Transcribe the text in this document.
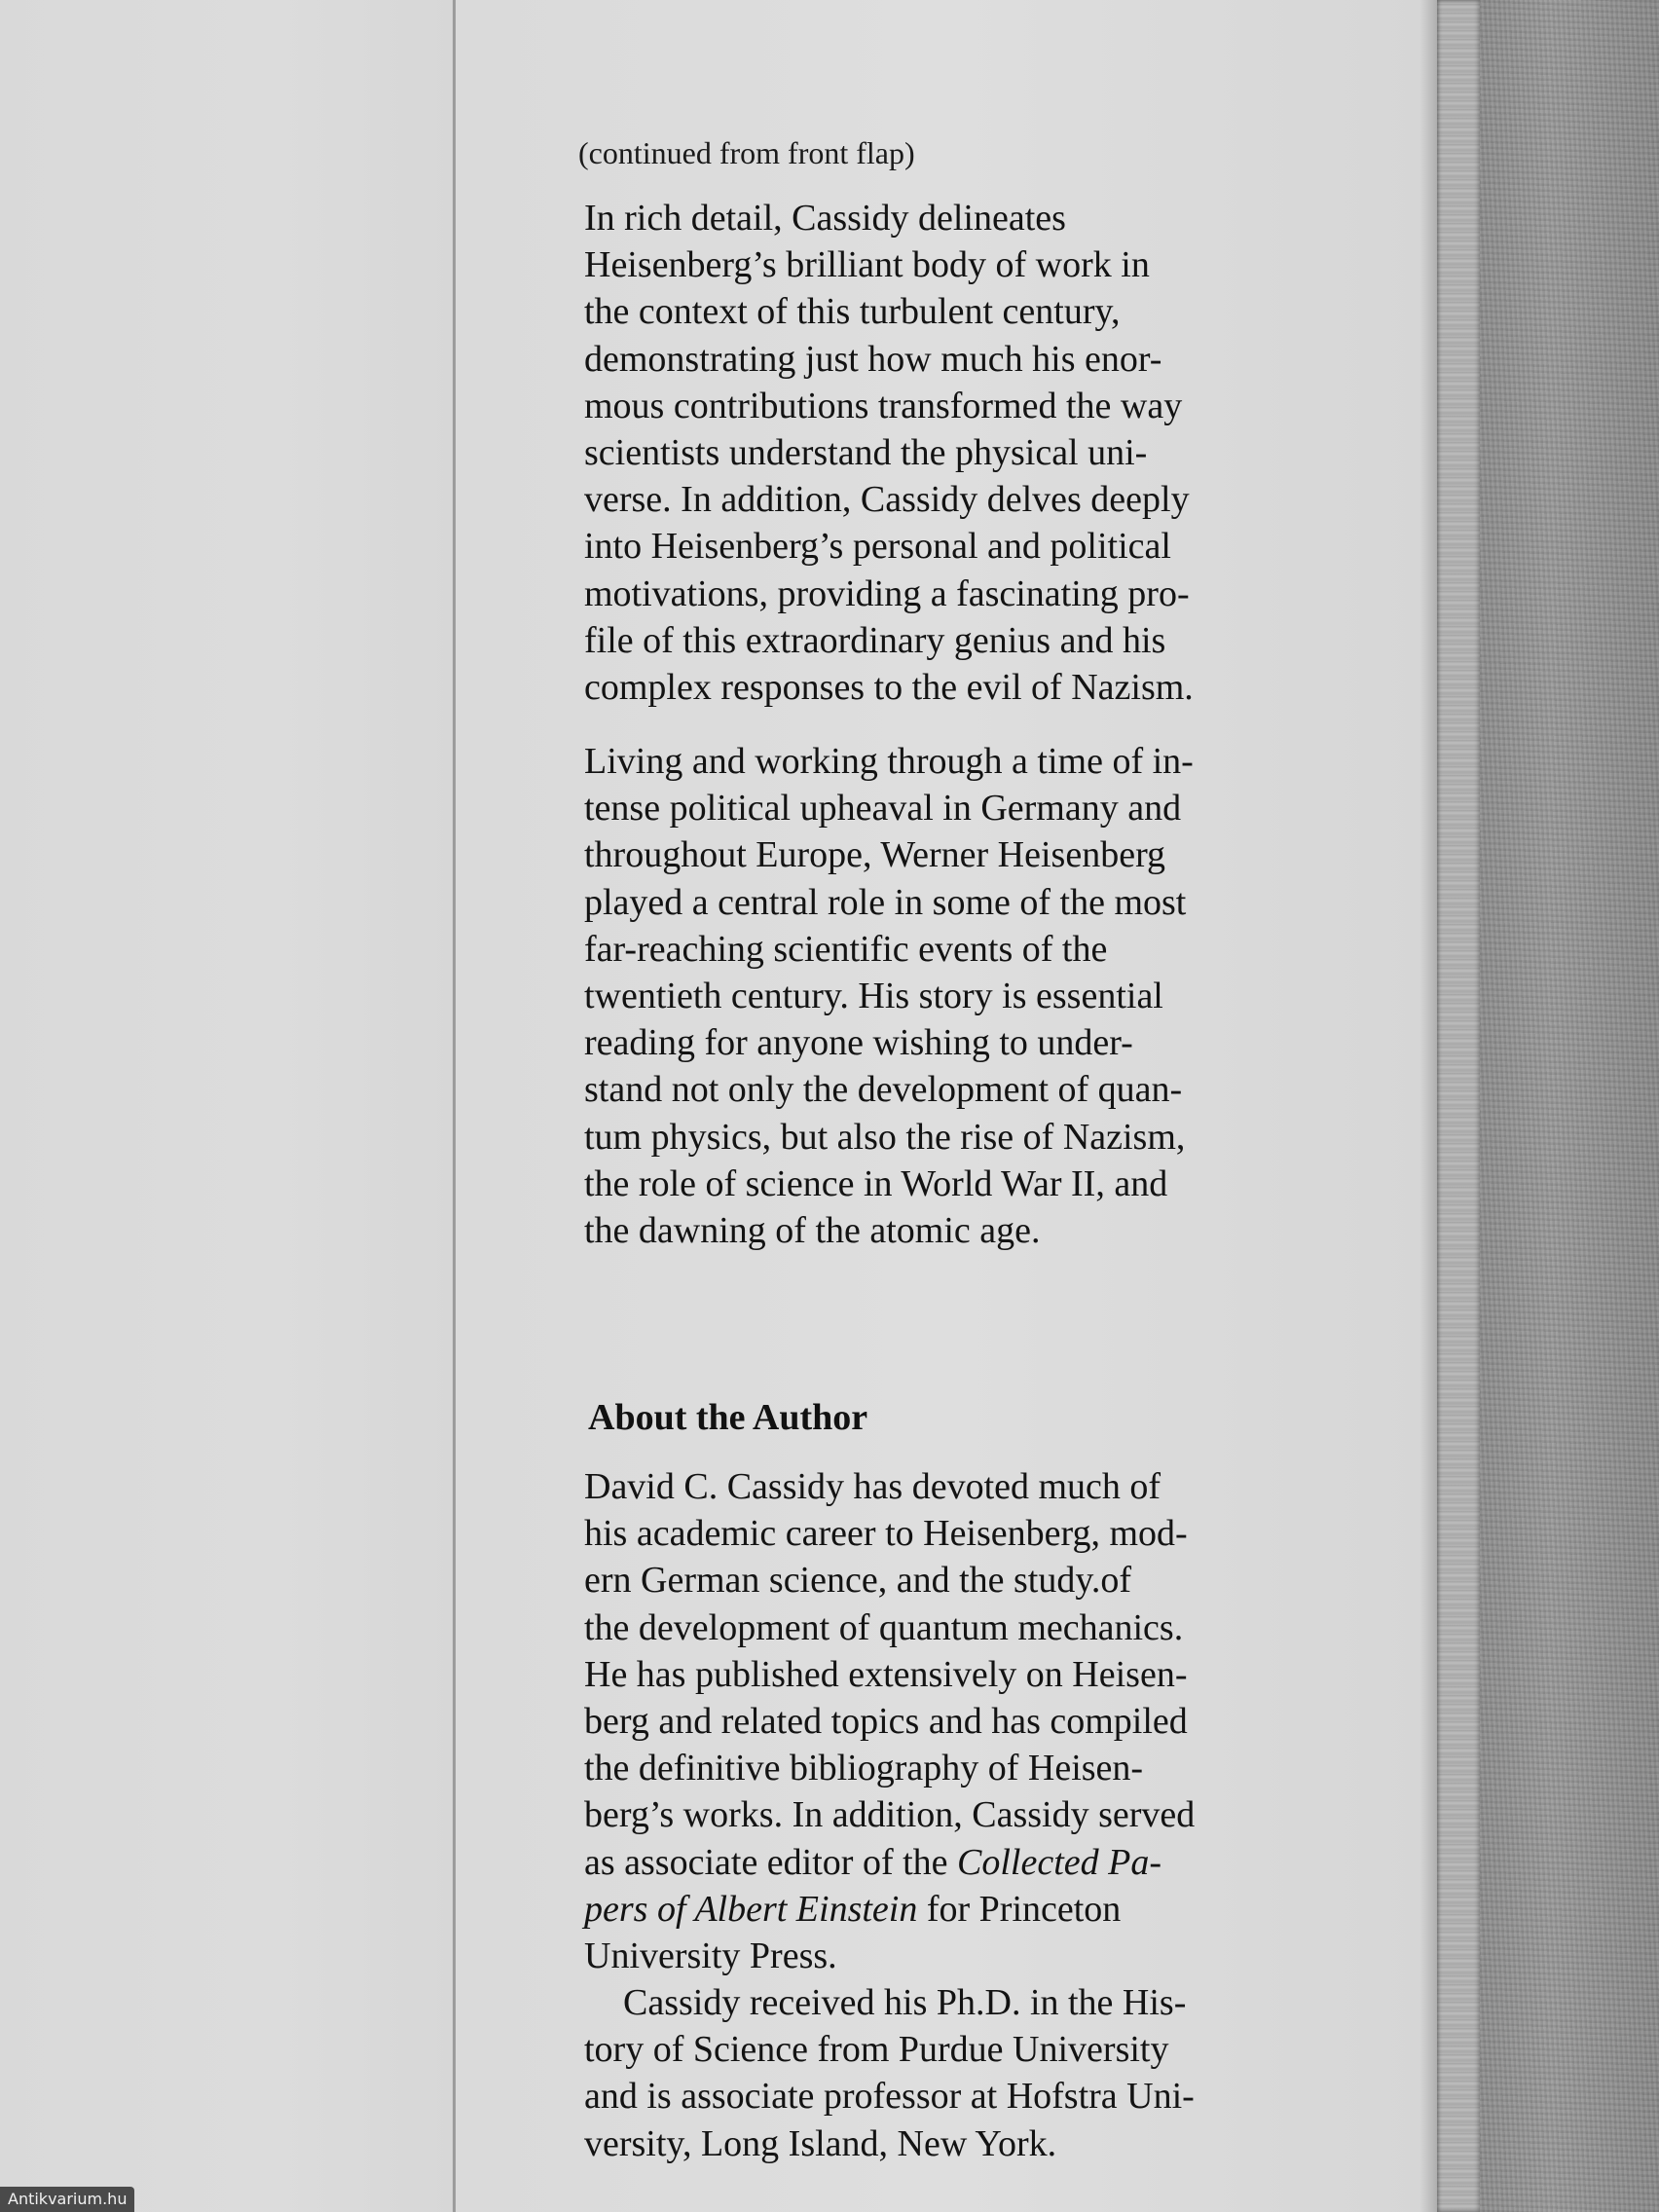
(continued from front flap)

In rich detail, Cassidy delineates
Heisenberg’s brilliant body of work in
the context of this turbulent century,
demonstrating just how much his enor-
mous contributions transformed the way
scientists understand the physical uni-
verse. In addition, Cassidy delves deeply
into Heisenberg’s personal and political
motivations, providing a fascinating pro-
file of this extraordinary genius and his
complex responses to the evil of Nazism.

Living and working through a time of in-
tense political upheaval in Germany and
throughout Europe, Werner Heisenberg
played a central role in some of the most
far-reaching scientific events of the
twentieth century. His story is essential
reading for anyone wishing to under-
stand not only the development of quan-
tum physics, but also the rise of Nazism,
the role of science in World War II, and
the dawning of the atomic age.

About the Author

David C. Cassidy has devoted much of
his academic career to Heisenberg, mod-
ern German science, and the study.of
the development of quantum mechanics.
He has published extensively on Heisen-
berg and related topics and has compiled
the definitive bibliography of Heisen-
berg’s works. In addition, Cassidy served
as associate editor of the Collected Pa-
pers of Albert Einstein for Princeton
University Press.

Cassidy received his Ph.D. in the His-
tory of Science from Purdue University
and is associate professor at Hofstra Uni-
versity, Long Island, New York.

Antikvarium.hu
